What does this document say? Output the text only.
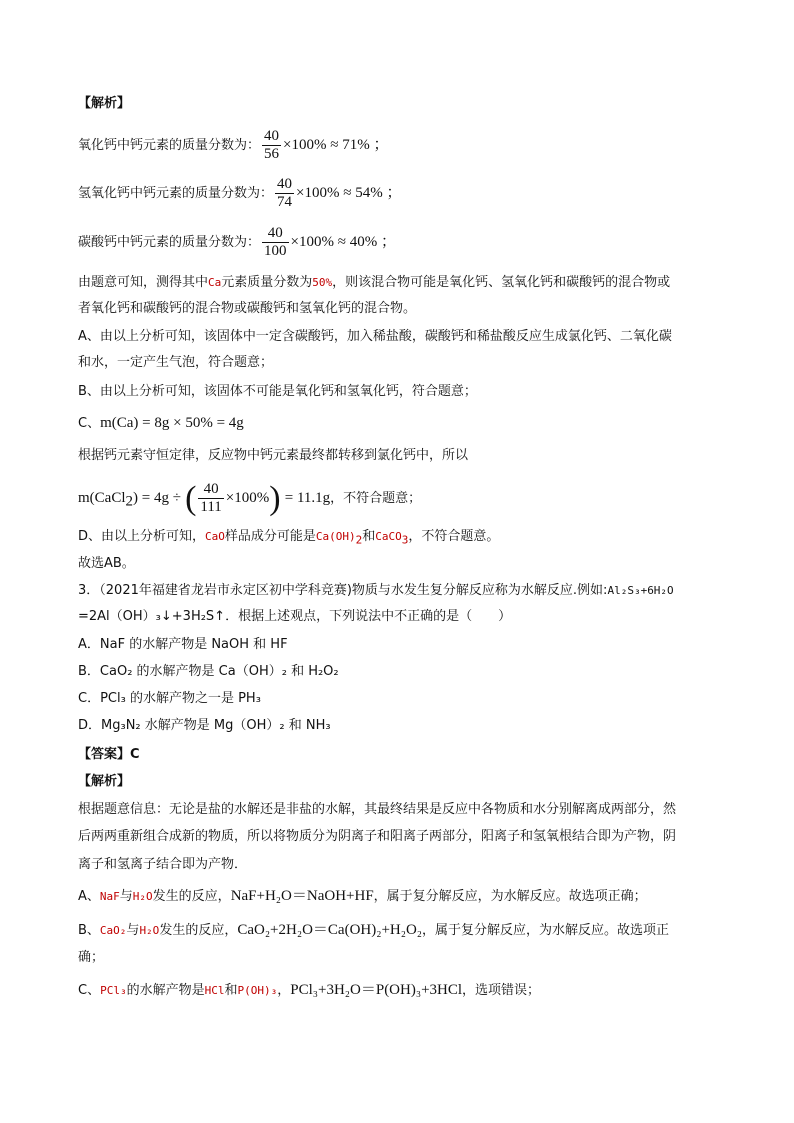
【解析】
氧化钙中钙元素的质量分数为： $\frac{40}{56} \times 100\% \approx 71\%$ ；
氢氧化钙中钙元素的质量分数为： $\frac{40}{74} \times 100\% \approx 54\%$ ；
碳酸钙中钙元素的质量分数为： $\frac{40}{100} \times 100\% \approx 40\%$ ；
由题意可知，测得其中Ca元素质量分数为50%，则该混合物可能是氧化钙、氢氧化钙和碳酸钙的混合物或
者氧化钙和碳酸钙的混合物或碳酸钙和氢氧化钙的混合物。
A、由以上分析可知，该固体中一定含碳酸钙，加入稀盐酸，碳酸钙和稀盐酸反应生成氯化钙、二氧化碳
和水，一定产生气泡，符合题意；
B、由以上分析可知，该固体不可能是氧化钙和氢氧化钙，符合题意；
C、m(Ca) = 8g × 50% = 4g
根据钙元素守恒定律，反应物中钙元素最终都转移到氯化钙中，所以
m(CaCl$_2$) = 4g ÷ ( $\frac{40}{111} \times 100\%) = 11.1g$，不符合题意；
D、由以上分析可知，CaO样品成分可能是$Ca(OH)_2$和CaCO$_3$，不符合题意。
故选AB。
3．（2021年福建省龙岩市永定区初中学科竞赛)物质与水发生复分解反应称为水解反应.例如:Al₂S₃+6H₂O
=2Al（OH）₃↓+3H₂S↑．根据上述观点，下列说法中不正确的是（　　）
A．NaF 的水解产物是 NaOH 和 HF
B．CaO₂ 的水解产物是 Ca（OH）₂ 和 H₂O₂
C．PCl₃ 的水解产物之一是 PH₃
D．Mg₃N₂ 水解产物是 Mg（OH）₂ 和 NH₃
【答案】C
【解析】
根据题意信息：无论是盐的水解还是非盐的水解，其最终结果是反应中各物质和水分别解离成两部分，然
后两两重新组合成新的物质，所以将物质分为阴离子和阳离子两部分，阳离子和氢氧根结合即为产物，阴
离子和氢离子结合即为产物．
A、NaF与H₂O发生的反应，NaF+H₂O＝NaOH+HF，属于复分解反应，为水解反应。故选项正确；
B、CaO₂与H₂O发生的反应，CaO₂+2H₂O＝Ca(OH)₂+H₂O₂，属于复分解反应，为水解反应。故选项正
确；
C、PCl₃的水解产物是HCl和P(OH)₃，PCl₃+3H₂O＝P(OH)₃+3HCl，选项错误；
